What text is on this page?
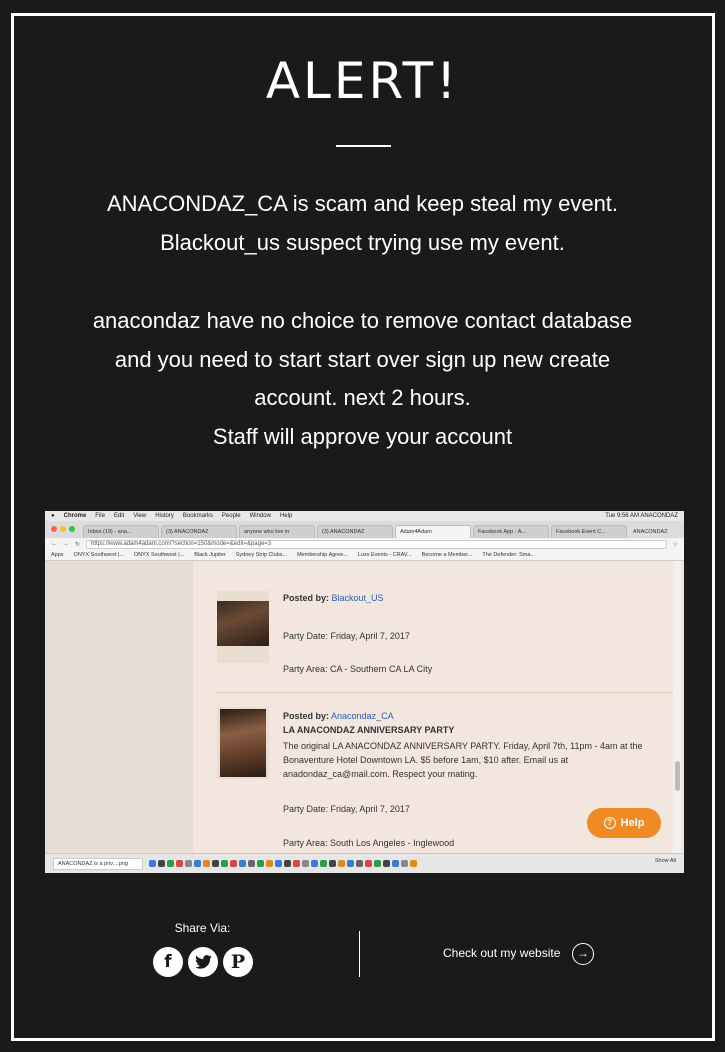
ALERT!
ANACONDAZ_CA is scam and keep steal my event.
Blackout_us suspect trying use my event.
anacondaz have no choice to remove contact database
and you need to start start over sign up new create
account. next 2 hours.
Staff will approve your account
● Chrome File Edit View History Bookmarks People Window Help	Tue 9:56 AM ANACONDAZ
Inbox (19) - ana...	(3) ANACONDAZ	anyone who live in	(3) ANACONDAZ	Adam4Adam	Facebook App - A...	Facebook Event C...	ANACONDAZ
← → ↻	https://www.adam4adam.com/?section=150&mode=&edit=&page=3	☆
Apps ONYX Southwest |... ONYX Southwest |... Black Jupiter Sydney Strip Clubs... Membership Agree... Luxx Events - CRAV... Become a Member... The Defender: Sma...
Posted by: Blackout_US
Party Date: Friday, April 7, 2017
Party Area: CA - Southern CA LA City
Posted by: Anacondaz_CA
LA ANACONDAZ ANNIVERSARY PARTY
The original LA ANACONDAZ ANNIVERSARY PARTY. Friday, April 7th, 11pm - 4am at the Bonaventure Hotel Downtown LA. $5 before 1am, $10 after. Email us at anadondaz_ca@mail.com. Respect your mating.
Party Date: Friday, April 7, 2017
Party Area: South Los Angeles - Inglewood
? Help
ANACONDAZ is a priv....png	Show All
Share Via:
f	P	Check out my website	→
